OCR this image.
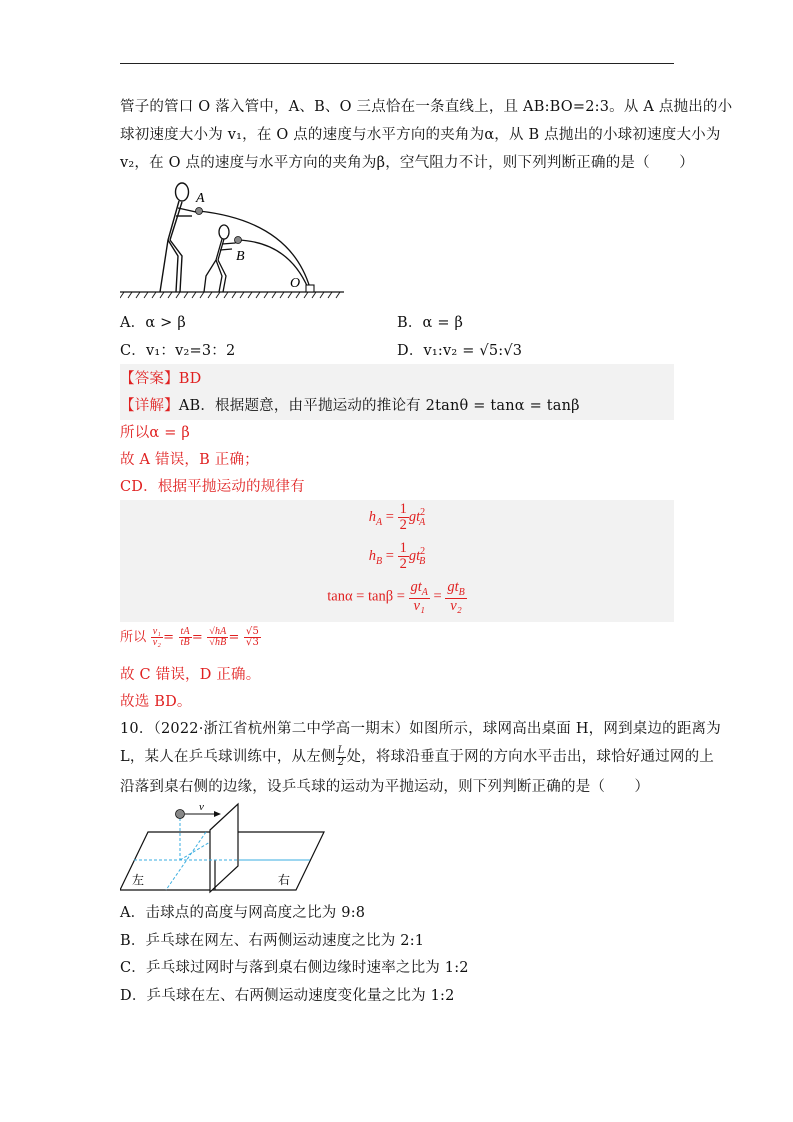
管子的管口 O 落入管中，A、B、O 三点恰在一条直线上，且 AB:BO=2:3。从 A 点抛出的小
球初速度大小为 v₁，在 O 点的速度与水平方向的夹角为α，从 B 点抛出的小球初速度大小为
v₂，在 O 点的速度与水平方向的夹角为β，空气阻力不计，则下列判断正确的是（　　）
A
B
O
A．α > β	B．α = β
C．v₁：v₂=3：2	D．v₁:v₂ = √5:√3
【答案】BD
【详解】AB．根据题意，由平抛运动的推论有 2tanθ = tanα = tanβ
所以α = β
故 A 错误，B 正确；
CD．根据平抛运动的规律有
$h_A = \frac{1}{2} gt^2_A$
$h_B = \frac{1}{2} gt^2_B$
$\tan\alpha = \tan\beta = \frac{gt_A}{\text{v₁}} = \frac{gt_B}{\text{v₂}}$
所以 $\frac{\text{v₁}}{\text{v₂}} = \frac{tA}{tB} = \frac{√hA}{√hB} = \frac{√5}{√3}$
故 C 错误，D 正确。
故选 BD。
10．（2022·浙江省杭州第二中学高一期末）如图所示，球网高出桌面 H，网到桌边的距离为
L，某人在乒乓球训练中，从左侧 $\frac{L}{2}$ 处，将球沿垂直于网的方向水平击出，球恰好通过网的上
沿落到桌右侧的边缘，设乒乓球的运动为平抛运动，则下列判断正确的是（　　）
v
左	右
A．击球点的高度与网高度之比为 9:8
B．乒乓球在网左、右两侧运动速度之比为 2:1
C．乒乓球过网时与落到桌右侧边缘时速率之比为 1:2
D．乒乓球在左、右两侧运动速度变化量之比为 1:2
